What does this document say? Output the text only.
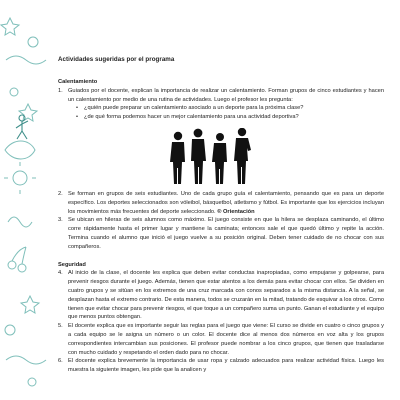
Actividades sugeridas por el programa

Calentamiento

1. Guiados por el docente, explican la importancia de realizar un calentamiento. Forman grupos de cinco estudiantes y hacen un calentamiento por medio de una rutina de actividades. Luego el profesor les pregunta:
•	¿quién puede preparar un calentamiento asociado a un deporte para la próxima clase?
•	¿de qué forma podemos hacer un mejor calentamiento para una actividad deportiva?
2. Se forman en grupos de seis estudiantes. Uno de cada grupo guía el calentamiento, pensando que es para un deporte específico. Los deportes seleccionados son vóleibol, básquetbol, atletismo y fútbol. Es importante que los ejercicios incluyan los movimientos más frecuentes del deporte seleccionado. ® Orientación
3. Se ubican en hileras de seis alumnos como máximo. El juego consiste en que la hilera se desplaza caminando, el último corre rápidamente hasta el primer lugar y mantiene la caminata; entonces sale el que quedó último y repite la acción. Termina cuando el alumno que inició el juego vuelve a su posición original. Deben tener cuidado de no chocar con sus compañeros.

Seguridad

4. Al inicio de la clase, el docente les explica que deben evitar conductas inapropiadas, como empujarse y golpearse, para prevenir riesgos durante el juego. Además, tienen que estar atentos a los demás para evitar chocar con ellos. Se dividen en cuatro grupos y se sitúan en los extremos de una cruz marcada con conos separados a la misma distancia. A la señal, se desplazan hasta el extremo contrario. De esta manera, todos se cruzarán en la mitad, tratando de esquivar a los otros. Como tienen que evitar chocar para prevenir riesgos, el que toque a un compañero suma un punto. Ganan el estudiante y el equipo que menos puntos obtengan.
5. El docente explica que es importante seguir las reglas para el juego que viene: El curso se divide en cuatro o cinco grupos y a cada equipo se le asigna un número o un color. El docente dice al menos dos números en voz alta y los grupos correspondientes intercambian sus posiciones. El profesor puede nombrar a los cinco grupos, que tienen que trasladarse con mucho cuidado y respetando el orden dado para no chocar.
6. El docente explica brevemente la importancia de usar ropa y calzado adecuados para realizar actividad física. Luego les muestra la siguiente imagen, les pide que la analicen y
